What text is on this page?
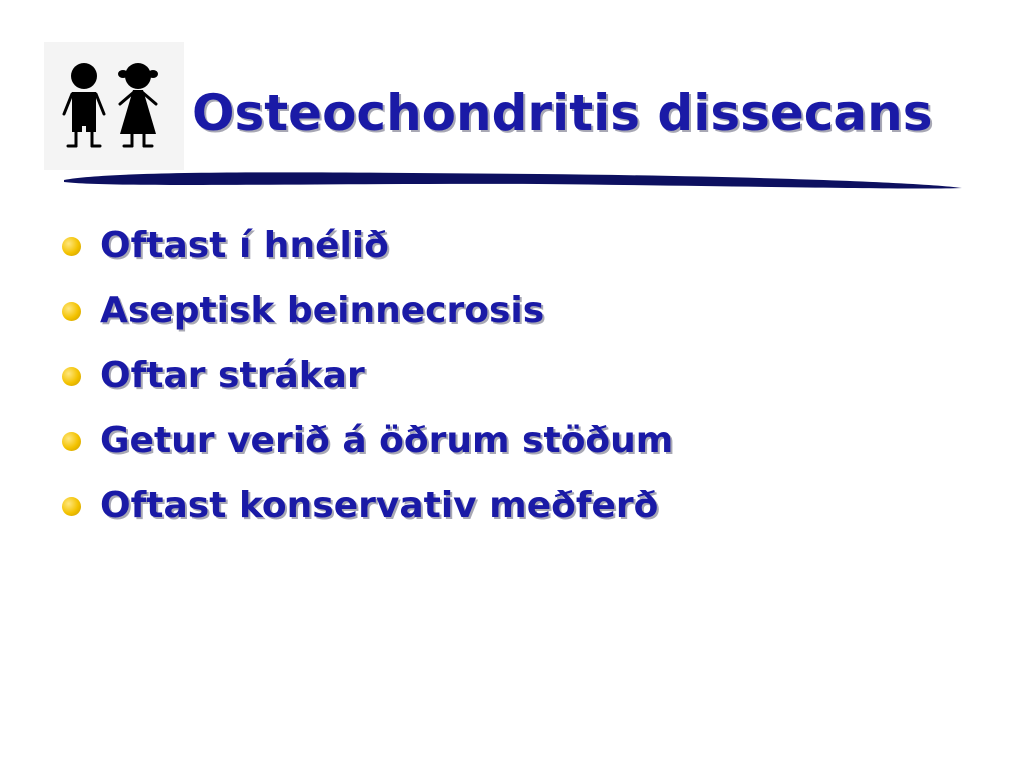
Osteochondritis dissecans
Oftast í hnélið
Aseptisk beinnecrosis
Oftar strákar
Getur verið á öðrum stöðum
Oftast konservativ meðferð
